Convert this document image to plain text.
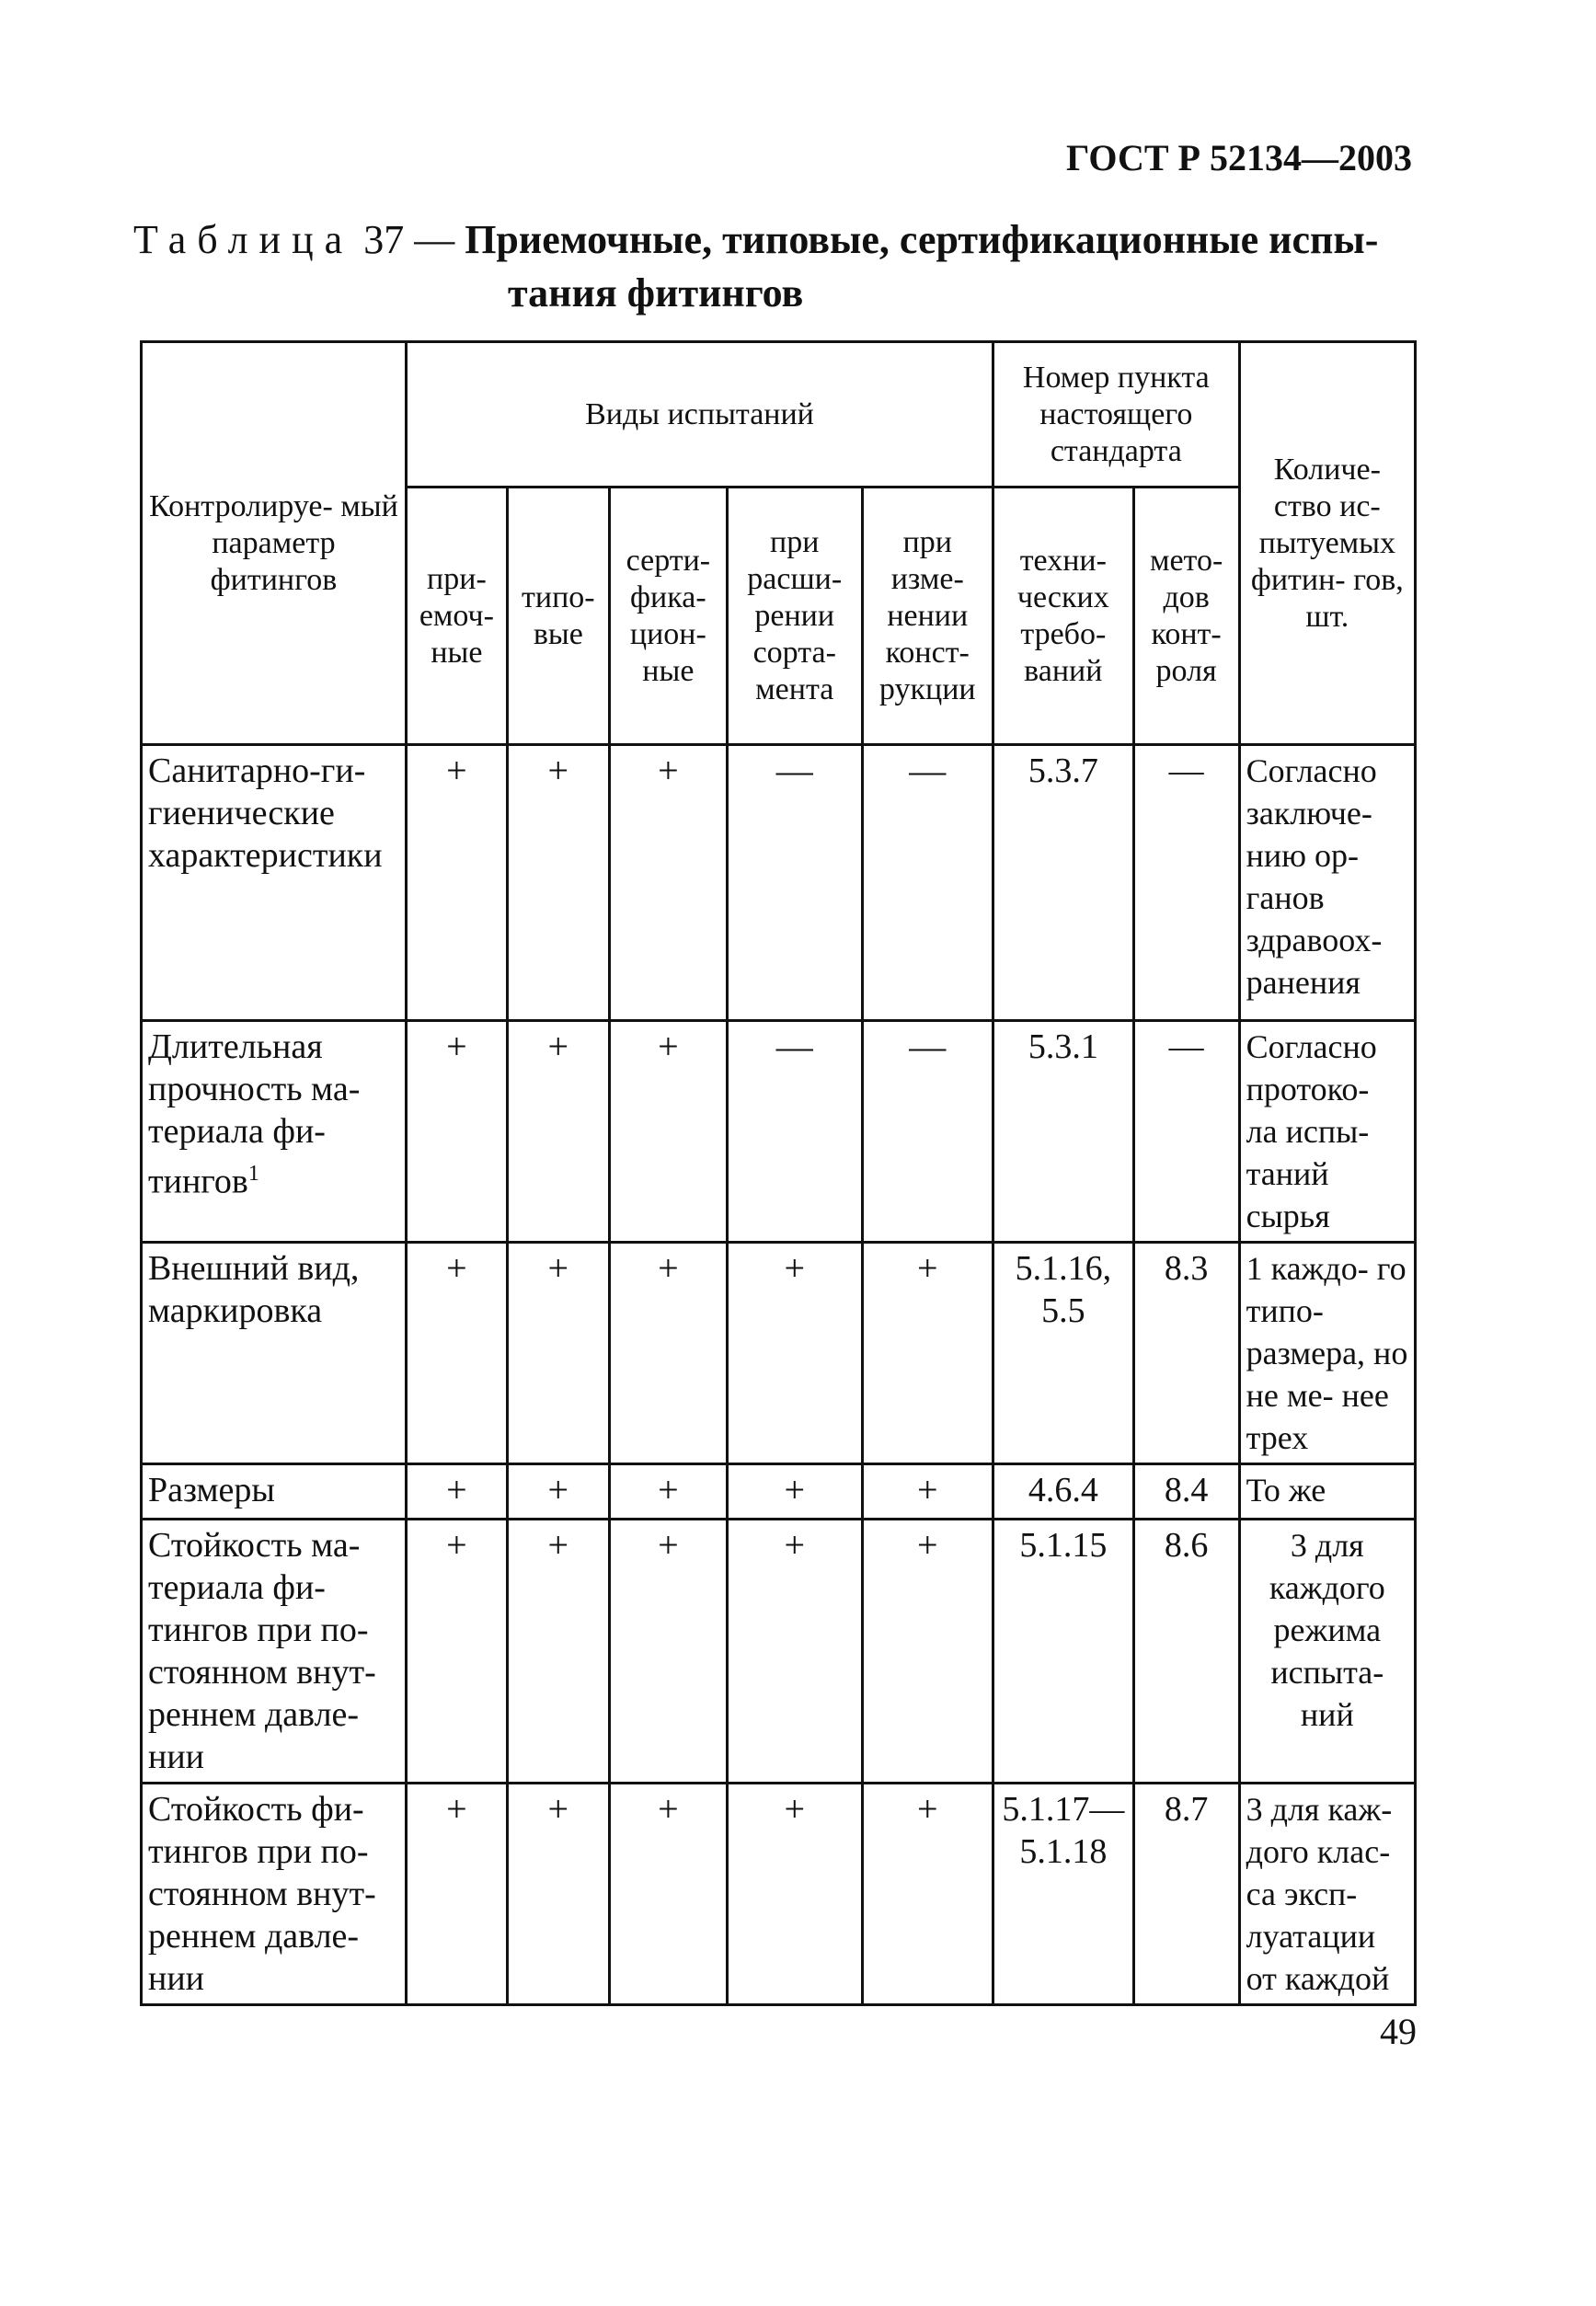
ГОСТ Р 52134—2003
Таблица 37 — Приемочные, типовые, сертификационные испы-
тания фитингов
Контролируе- мый параметр фитингов	Виды испытаний					Номер пункта настоящего стандарта		Количе- ство ис- пытуемых фитин- гов, шт.
	при- емоч- ные	типо- вые	серти- фика- цион- ные	при расши- рении сорта- мента	при изме- нении конст- рукции	техни- ческих требо- ваний	мето- дов конт- роля	
Санитарно-ги- гиенические характеристики	+	+	+	—	—	5.3.7	—	Согласно заключе- нию ор- ганов здравоох- ранения
Длительная прочность ма- териала фи- тингов$^1$	+	+	+	—	—	5.3.1	—	Согласно протоко- ла испы- таний сырья
Внешний вид, маркировка	+	+	+	+	+	5.1.16, 5.5	8.3	1 каждо- го типо- размера, но не ме- нее трех
Размеры	+	+	+	+	+	4.6.4	8.4	То же
Стойкость ма- териала фи- тингов при по- стоянном внут- реннем давле- нии	+	+	+	+	+	5.1.15	8.6	3 для каждого режима испыта- ний
Стойкость фи- тингов при по- стоянном внут- реннем давле- нии	+	+	+	+	+	5.1.17— 5.1.18	8.7	3 для каж- дого клас- са эксп- луатации от каждой
49
